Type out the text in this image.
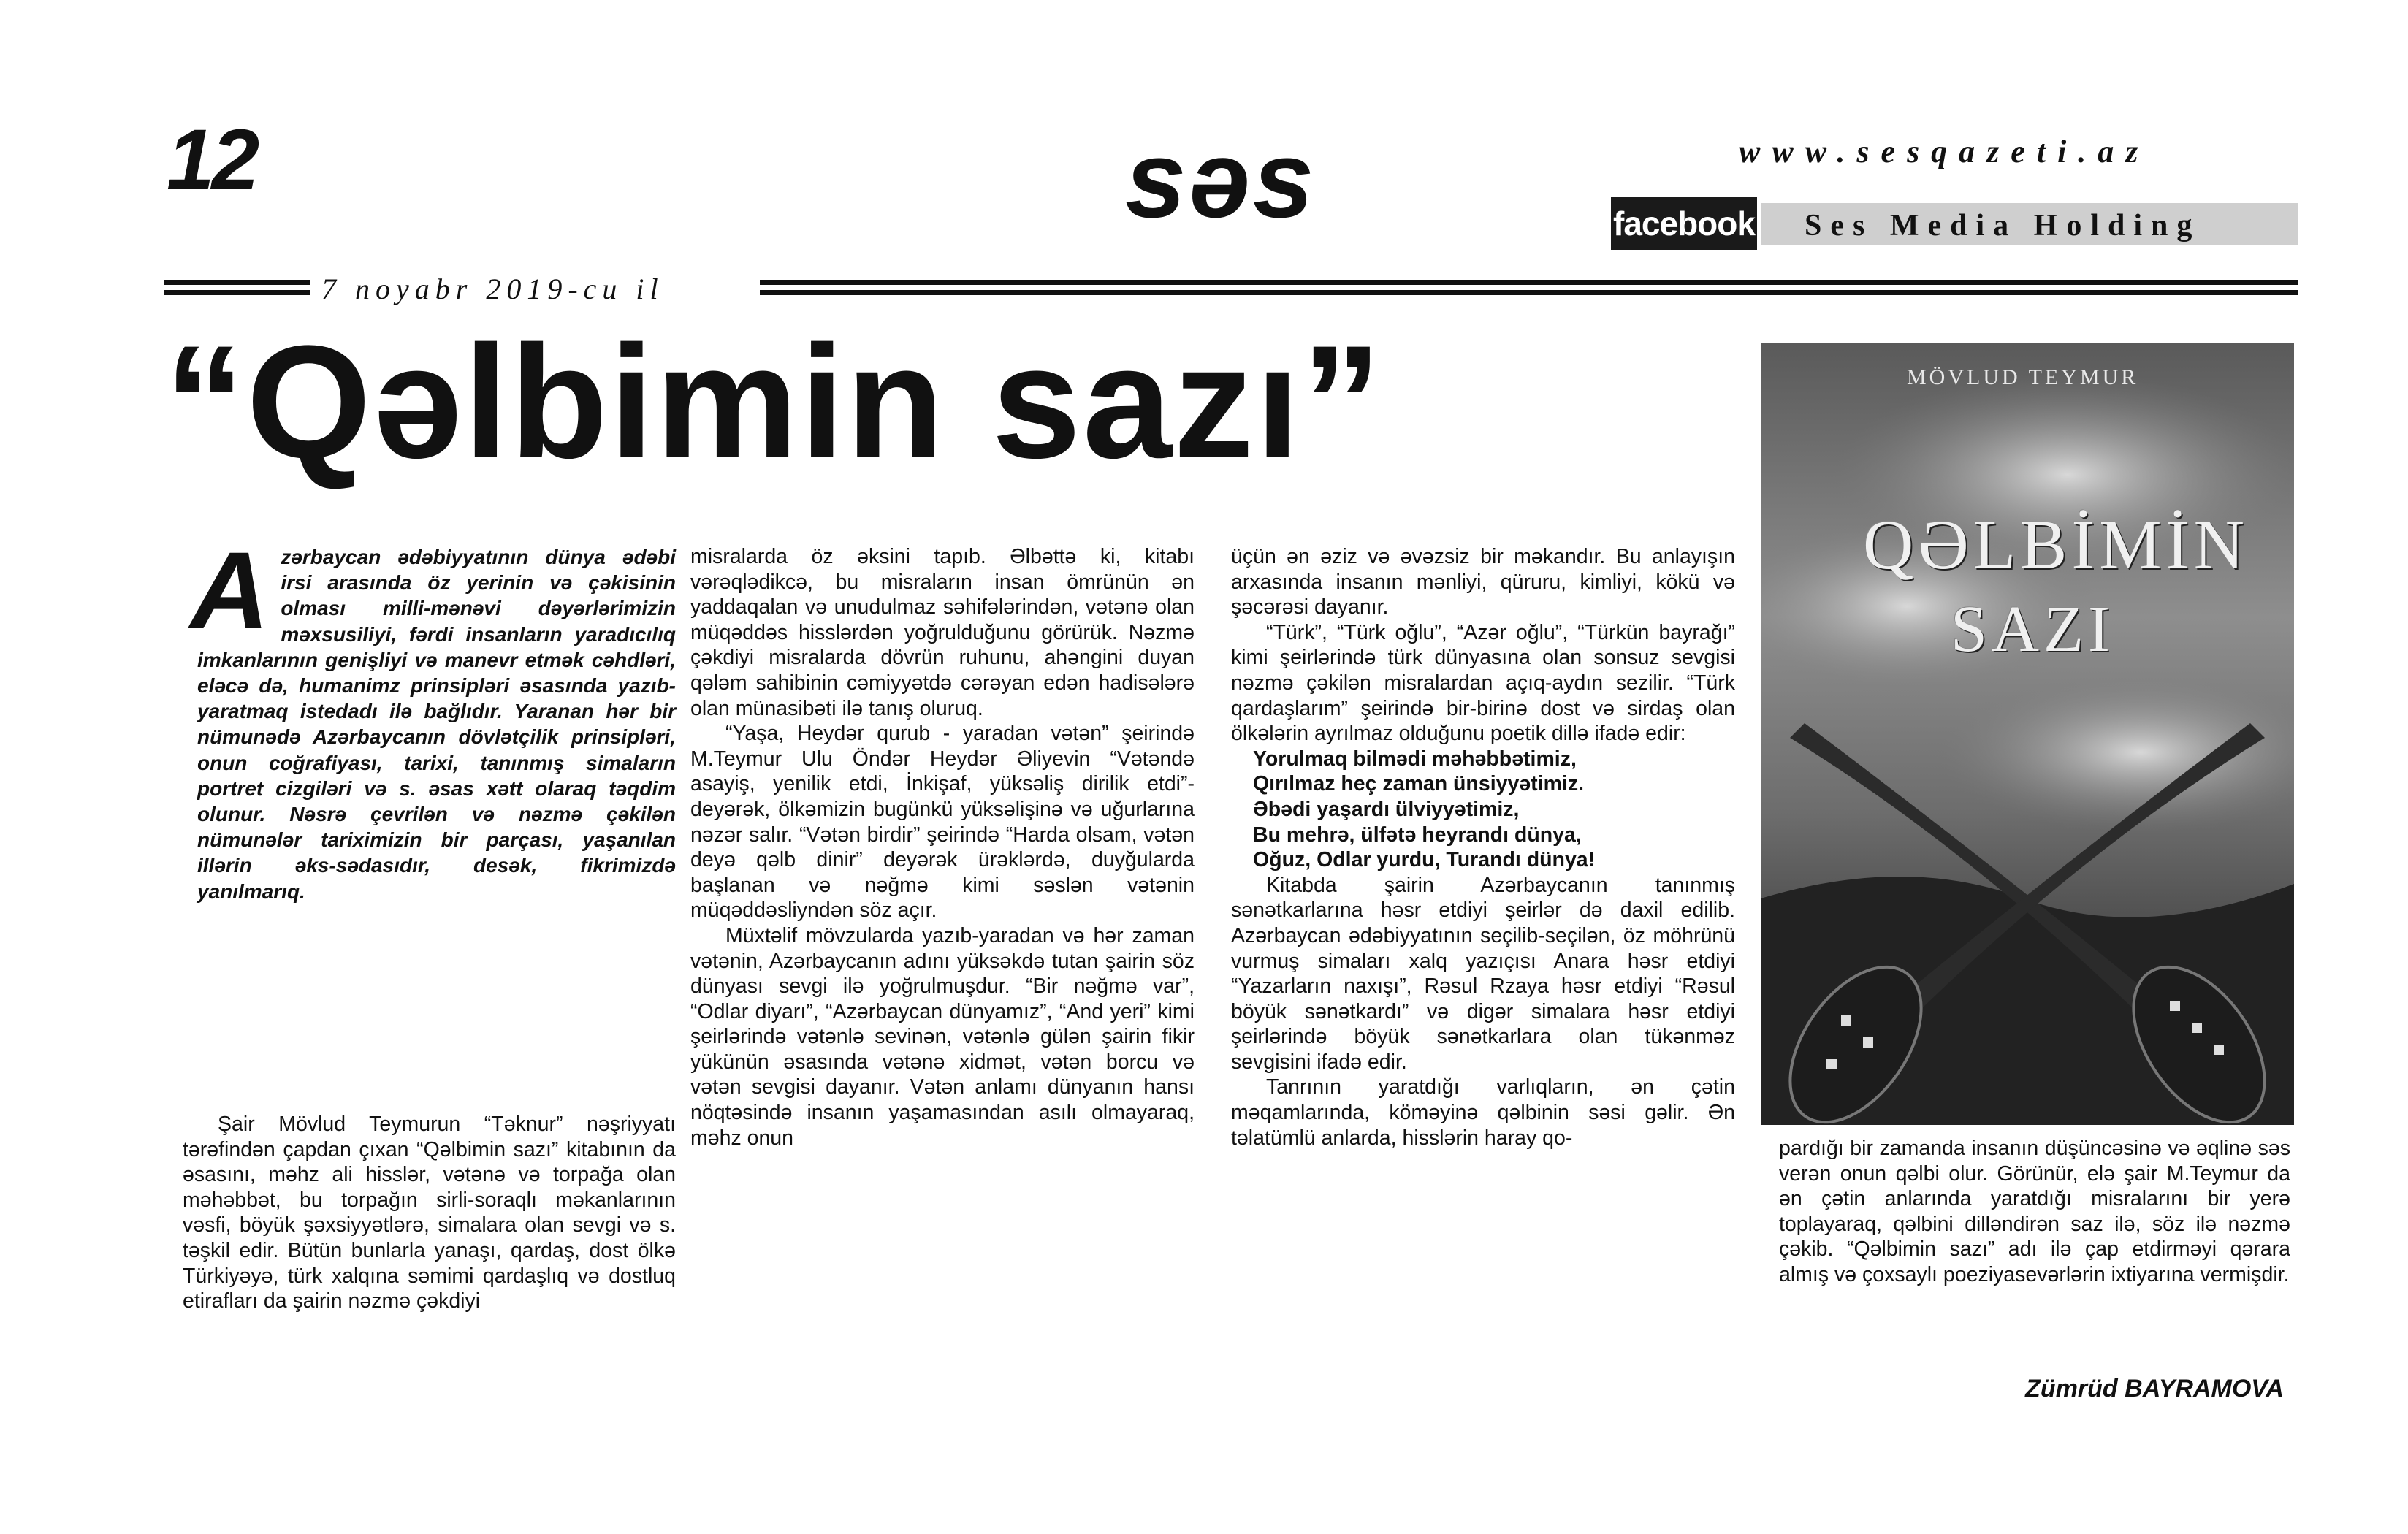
12	səs	www.sesqazeti.az
facebook Ses Media Holding
7 noyabr 2019-cu il
“Qəlbimin sazı”	MÖVLUD TEYMUR
QƏLBİMİN
SAZI
A zərbaycan ədəbiyyatının dünya ədəbi irsi arasında öz yerinin və çəkisinin olması milli-mənəvi dəyərlərimizin məxsusiliyi, fərdi insanların yaradıcılıq imkanlarının genişliyi və manevr etmək cəhdləri, eləcə də, humanimz prinsipləri əsasında yazıb-yaratmaq istedadı ilə bağlıdır. Yaranan hər bir nümunədə Azərbaycanın dövlətçilik prinsipləri, onun coğrafiyası, tarixi, tanınmış simaların portret cizgiləri və s. əsas xətt olaraq təqdim olunur. Nəsrə çevrilən və nəzmə çəkilən nümunələr tariximizin bir parçası, yaşanılan illərin əks-sədasıdır, desək, fikrimizdə yanılmarıq.

Şair Mövlud Teymurun “Təknur” nəşriyyatı tərəfindən çapdan çıxan “Qəlbimin sazı” kitabının da əsasını, məhz ali hisslər, vətənə və torpağa olan məhəbbət, bu torpağın sirli-soraqlı məkanlarının vəsfi, böyük şəxsiyyətlərə, simalara olan sevgi və s. təşkil edir. Bütün bunlarla yanaşı, qardaş, dost ölkə Türkiyəyə, türk xalqına səmimi qardaşlıq və dostluq etirafları da şairin nəzmə çəkdiyi

misralarda öz əksini tapıb. Əlbəttə ki, kitabı vərəqlədikcə, bu misraların insan ömrünün ən yaddaqalan və unudulmaz səhifələrindən, vətənə olan müqəddəs hisslərdən yoğrulduğunu görürük. Nəzmə çəkdiyi misralarda dövrün ruhunu, ahəngini duyan qələm sahibinin cəmiyyətdə cərəyan edən hadisələrə olan münasibəti ilə tanış oluruq.

“Yaşa, Heydər qurub - yaradan vətən” şeirində M.Teymur Ulu Öndər Heydər Əliyevin “Vətəndə asayiş, yenilik etdi, İnkişaf, yüksəliş dirilik etdi”- deyərək, ölkəmizin bugünkü yüksəlişinə və uğurlarına nəzər salır. “Vətən birdir” şeirində “Harda olsam, vətən deyə qəlb dinir” deyərək ürəklərdə, duyğularda başlanan və nəğmə kimi səslən vətənin müqəddəsliyndən söz açır.

Müxtəlif mövzularda yazıb-yaradan və hər zaman vətənin, Azərbaycanın adını yüksəkdə tutan şairin söz dünyası sevgi ilə yoğrulmuşdur. “Bir nəğmə var”, “Odlar diyarı”, “Azərbaycan dünyamız”, “And yeri” kimi şeirlərində vətənlə sevinən, vətənlə gülən şairin fikir yükünün əsasında vətənə xidmət, vətən borcu və vətən sevgisi dayanır. Vətən anlamı dünyanın hansı nöqtəsində insanın yaşamasından asılı olmayaraq, məhz onun

üçün ən əziz və əvəzsiz bir məkandır. Bu anlayışın arxasında insanın mənliyi, qüruru, kimliyi, kökü və şəcərəsi dayanır.

“Türk”, “Türk oğlu”, “Azər oğlu”, “Türkün bayrağı” kimi şeirlərində türk dünyasına olan sonsuz sevgisi nəzmə çəkilən misralardan açıq-aydın sezilir. “Türk qardaşlarım” şeirində bir-birinə dost və sirdaş olan ölkələrin ayrılmaz olduğunu poetik dillə ifadə edir:

Yorulmaq bilmədi məhəbbətimiz,
Qırılmaz heç zaman ünsiyyətimiz.
Əbədi yaşardı ülviyyətimiz,
Bu mehrə, ülfətə heyrandı dünya,
Oğuz, Odlar yurdu, Turandı dünya!

Kitabda şairin Azərbaycanın tanınmış sənətkarlarına həsr etdiyi şeirlər də daxil edilib. Azərbaycan ədəbiyyatının seçilib-seçilən, öz möhrünü vurmuş simaları xalq yazıçısı Anara həsr etdiyi “Yazarların naxışı”, Rəsul Rzaya həsr etdiyi “Rəsul böyük sənətkardı” və digər simalara həsr etdiyi şeirlərində böyük sənətkarlara olan tükənməz sevgisini ifadə edir.

Tanrının yaratdığı varlıqların, ən çətin məqamlarında, köməyinə qəlbinin səsi gəlir. Ən təlatümlü anlarda, hisslərin haray qo-	pardığı bir zamanda insanın düşüncəsinə və əqlinə səs verən onun qəlbi olur. Görünür, elə şair M.Teymur da ən çətin anlarında yaratdığı misralarını bir yerə toplayaraq, qəlbini dilləndirən saz ilə, söz ilə nəzmə çəkib. “Qəlbimin sazı” adı ilə çap etdirməyi qərara almış və çoxsaylı poeziyasevərlərin ixtiyarına vermişdir.

Zümrüd BAYRAMOVA
